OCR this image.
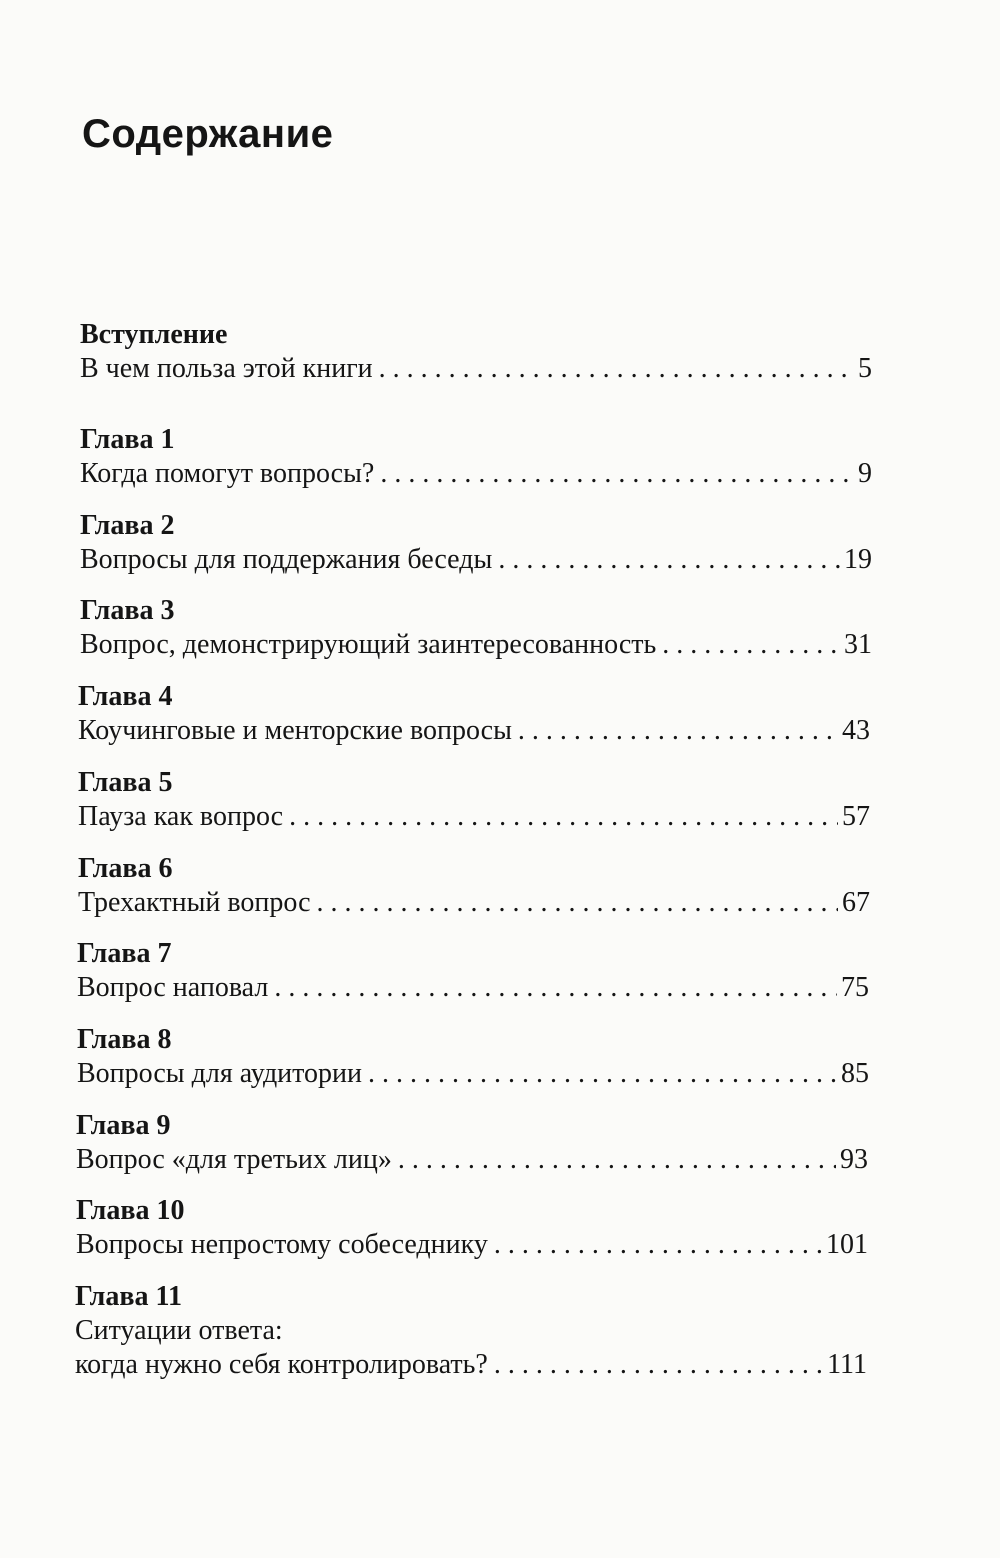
Содержание
Вступление
В чем польза этой книги . . .	5
Глава 1
Когда помогут вопросы? . . .	9
Глава 2
Вопросы для поддержания беседы . . .	19
Глава 3
Вопрос, демонстрирующий заинтересованность . . .	31
Глава 4
Коучинговые и менторские вопросы . . .	43
Глава 5
Пауза как вопрос . . .	57
Глава 6
Трехактный вопрос . . .	67
Глава 7
Вопрос наповал . . .	75
Глава 8
Вопросы для аудитории . . .	85
Глава 9
Вопрос «для третьих лиц» . . .	93
Глава 10
Вопросы непростому собеседнику . . .	101
Глава 11
Ситуации ответа:
когда нужно себя контролировать? . . .	111
